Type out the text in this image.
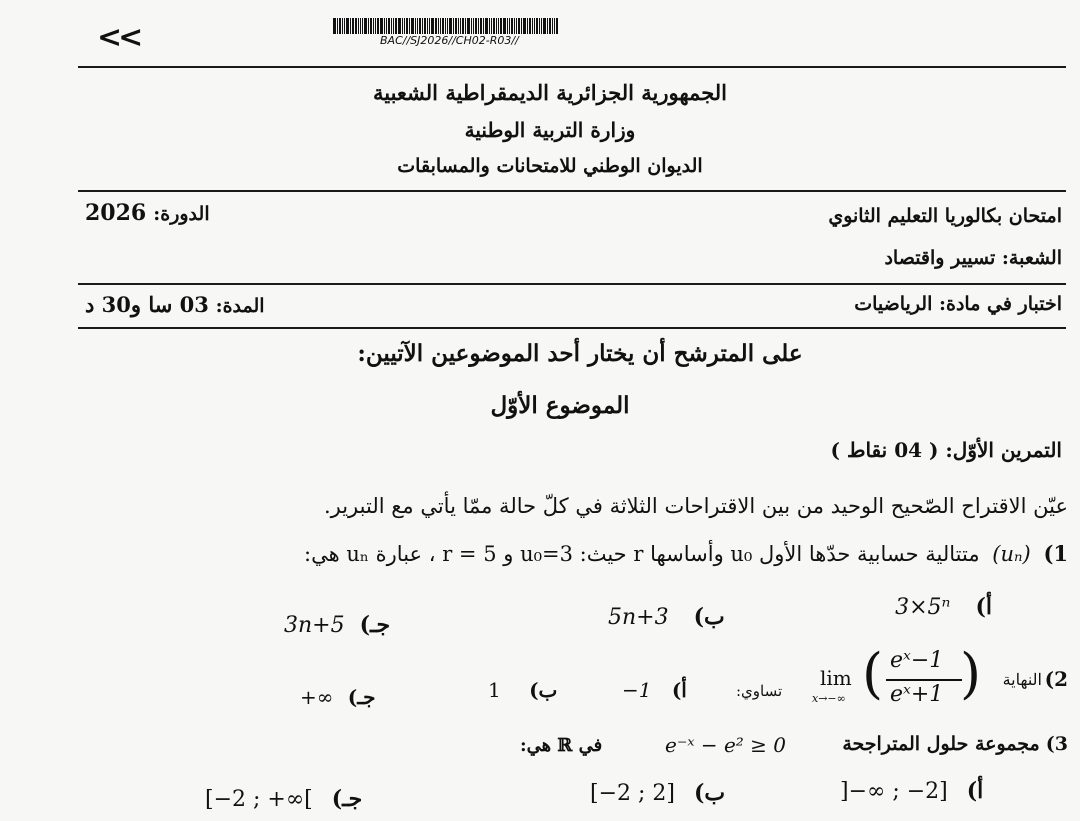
<<	BAC//SJ2026//CH02-R03//
الجمهورية الجزائرية الديمقراطية الشعبية
وزارة التربية الوطنية
الديوان الوطني للامتحانات والمسابقات
امتحان بكالوريا التعليم الثانوي
الدورة: 2026
الشعبة: تسيير واقتصاد
اختبار في مادة: الرياضيات
المدة: 03 سا و30 د
على المترشح أن يختار أحد الموضوعين الآتيين:
الموضوع الأوّل
التمرين الأوّل: ( 04 نقاط )
عيّن الاقتراح الصّحيح الوحيد من بين الاقتراحات الثلاثة في كلّ حالة ممّا يأتي مع التبرير.
1) (uₙ) متتالية حسابية حدّها الأول u₀ وأساسها r حيث: u₀=3 و r = 5 ، عبارة uₙ هي:
أ) 3×5ⁿ
ب) 5n+3
جـ) 3n+5
2)
النهاية
lim
x→−∞ ( eˣ−1
eˣ+1 )
تساوي:
أ) −1
ب) 1
جـ) +∞
3) مجموعة حلول المتراجحة
e⁻ˣ − e² ≥ 0
في ℝ هي:
أ) ]−∞ ; −2]
ب) [−2 ; 2]
جـ) [−2 ; +∞[
